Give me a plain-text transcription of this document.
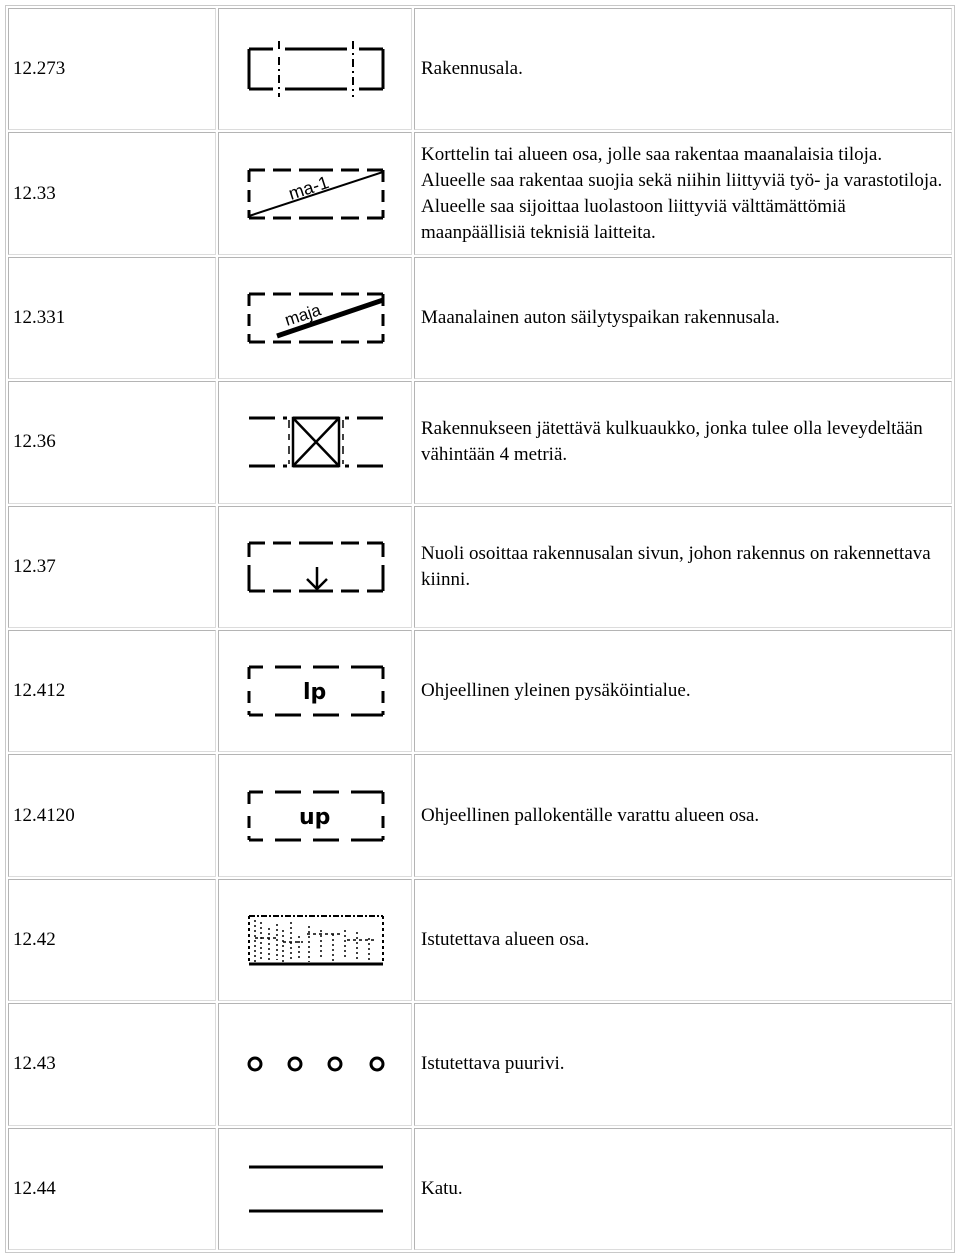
12.273		Rakennusala.
12.33	ma-1	Korttelin tai alueen osa, jolle saa rakentaa maanalaisia tiloja. Alueelle saa rakentaa suojia sekä niihin liittyviä työ- ja varastotiloja. Alueelle saa sijoittaa luolastoon liittyviä välttämättömiä maanpäällisiä teknisiä laitteita.
12.331	maja	Maanalainen auton säilytyspaikan rakennusala.
12.36		Rakennukseen jätettävä kulkuaukko, jonka tulee olla leveydeltään vähintään 4 metriä.
12.37		Nuoli osoittaa rakennusalan sivun, johon rakennus on rakennettava kiinni.
12.412	lp	Ohjeellinen yleinen pysäköintialue.
12.4120	up	Ohjeellinen pallokentälle varattu alueen osa.
12.42		Istutettava alueen osa.
12.43		Istutettava puurivi.
12.44		Katu.
